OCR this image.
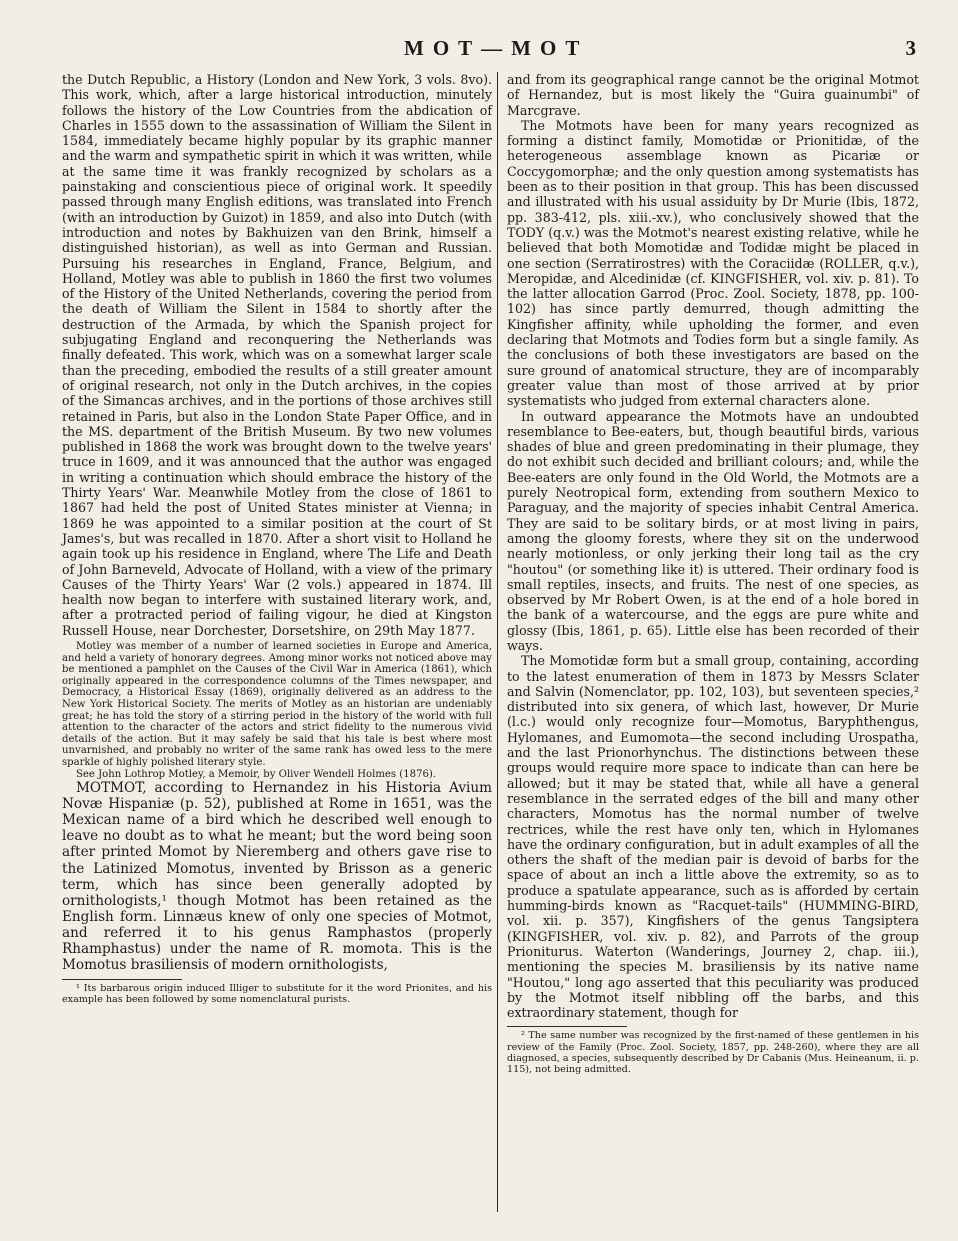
MOT—MOT	3

the Dutch Republic, a History (London and New York, 3 vols. 8vo). This work, which, after a large historical introduction, minutely follows the history of the Low Countries from the abdication of Charles in 1555 down to the assassination of William the Silent in 1584, immediately became highly popular by its graphic manner and the warm and sympathetic spirit in which it was written, while at the same time it was frankly recognized by scholars as a painstaking and conscientious piece of original work. It speedily passed through many English editions, was translated into French (with an introduction by Guizot) in 1859, and also into Dutch (with introduction and notes by Bakhuizen van den Brink, himself a distinguished historian), as well as into German and Russian. Pursuing his researches in England, France, Belgium, and Holland, Motley was able to publish in 1860 the first two volumes of the History of the United Netherlands, covering the period from the death of William the Silent in 1584 to shortly after the destruction of the Armada, by which the Spanish project for subjugating England and reconquering the Netherlands was finally defeated. This work, which was on a somewhat larger scale than the preceding, embodied the results of a still greater amount of original research, not only in the Dutch archives, in the copies of the Simancas archives, and in the portions of those archives still retained in Paris, but also in the London State Paper Office, and in the MS. department of the British Museum. By two new volumes published in 1868 the work was brought down to the twelve years' truce in 1609, and it was announced that the author was engaged in writing a continuation which should embrace the history of the Thirty Years' War. Meanwhile Motley from the close of 1861 to 1867 had held the post of United States minister at Vienna; in 1869 he was appointed to a similar position at the court of St James's, but was recalled in 1870. After a short visit to Holland he again took up his residence in England, where The Life and Death of John Barneveld, Advocate of Holland, with a view of the primary Causes of the Thirty Years' War (2 vols.) appeared in 1874. Ill health now began to interfere with sustained literary work, and, after a protracted period of failing vigour, he died at Kingston Russell House, near Dorchester, Dorsetshire, on 29th May 1877.

Motley was member of a number of learned societies in Europe and America, and held a variety of honorary degrees. Among minor works not noticed above may be mentioned a pamphlet on the Causes of the Civil War in America (1861), which originally appeared in the correspondence columns of the Times newspaper, and Democracy, a Historical Essay (1869), originally delivered as an address to the New York Historical Society. The merits of Motley as an historian are undeniably great; he has told the story of a stirring period in the history of the world with full attention to the character of the actors and strict fidelity to the numerous vivid details of the action. But it may safely be said that his tale is best where most unvarnished, and probably no writer of the same rank has owed less to the mere sparkle of highly polished literary style.

See John Lothrop Motley, a Memoir, by Oliver Wendell Holmes (1876).

MOTMOT, according to Hernandez in his Historia Avium Novæ Hispaniæ (p. 52), published at Rome in 1651, was the Mexican name of a bird which he described well enough to leave no doubt as to what he meant; but the word being soon after printed Momot by Nieremberg and others gave rise to the Latinized Momotus, invented by Brisson as a generic term, which has since been generally adopted by ornithologists,¹ though Motmot has been retained as the English form. Linnæus knew of only one species of Motmot, and referred it to his genus Ramphastos (properly Rhamphastus) under the name of R. momota. This is the Momotus brasiliensis of modern ornithologists,

¹ Its barbarous origin induced Illiger to substitute for it the word Prionites, and his example has been followed by some nomenclatural purists.

and from its geographical range cannot be the original Motmot of Hernandez, but is most likely the "Guira guainumbi" of Marcgrave.

The Motmots have been for many years recognized as forming a distinct family, Momotidæ or Prionitidæ, of the heterogeneous assemblage known as Picariæ or Coccygomorphæ; and the only question among systematists has been as to their position in that group. This has been discussed and illustrated with his usual assiduity by Dr Murie (Ibis, 1872, pp. 383-412, pls. xiii.-xv.), who conclusively showed that the TODY (q.v.) was the Motmot's nearest existing relative, while he believed that both Momotidæ and Todidæ might be placed in one section (Serratirostres) with the Coraciidæ (ROLLER, q.v.), Meropidæ, and Alcedinidæ (cf. KINGFISHER, vol. xiv. p. 81). To the latter allocation Garrod (Proc. Zool. Society, 1878, pp. 100-102) has since partly demurred, though admitting the Kingfisher affinity, while upholding the former, and even declaring that Motmots and Todies form but a single family. As the conclusions of both these investigators are based on the sure ground of anatomical structure, they are of incomparably greater value than most of those arrived at by prior systematists who judged from external characters alone.

In outward appearance the Motmots have an undoubted resemblance to Bee-eaters, but, though beautiful birds, various shades of blue and green predominating in their plumage, they do not exhibit such decided and brilliant colours; and, while the Bee-eaters are only found in the Old World, the Motmots are a purely Neotropical form, extending from southern Mexico to Paraguay, and the majority of species inhabit Central America. They are said to be solitary birds, or at most living in pairs, among the gloomy forests, where they sit on the underwood nearly motionless, or only jerking their long tail as the cry "houtou" (or something like it) is uttered. Their ordinary food is small reptiles, insects, and fruits. The nest of one species, as observed by Mr Robert Owen, is at the end of a hole bored in the bank of a watercourse, and the eggs are pure white and glossy (Ibis, 1861, p. 65). Little else has been recorded of their ways.

The Momotidæ form but a small group, containing, according to the latest enumeration of them in 1873 by Messrs Sclater and Salvin (Nomenclator, pp. 102, 103), but seventeen species,² distributed into six genera, of which last, however, Dr Murie (l.c.) would only recognize four—Momotus, Baryphthengus, Hylomanes, and Eumomota—the second including Urospatha, and the last Prionorhynchus. The distinctions between these groups would require more space to indicate than can here be allowed; but it may be stated that, while all have a general resemblance in the serrated edges of the bill and many other characters, Momotus has the normal number of twelve rectrices, while the rest have only ten, which in Hylomanes have the ordinary configuration, but in adult examples of all the others the shaft of the median pair is devoid of barbs for the space of about an inch a little above the extremity, so as to produce a spatulate appearance, such as is afforded by certain humming-birds known as "Racquet-tails" (HUMMING-BIRD, vol. xii. p. 357), Kingfishers of the genus Tangsiptera (KINGFISHER, vol. xiv. p. 82), and Parrots of the group Prioniturus. Waterton (Wanderings, Journey 2, chap. iii.), mentioning the species M. brasiliensis by its native name "Houtou," long ago asserted that this peculiarity was produced by the Motmot itself nibbling off the barbs, and this extraordinary statement, though for

² The same number was recognized by the first-named of these gentlemen in his review of the Family (Proc. Zool. Society, 1857, pp. 248-260), where they are all diagnosed, a species, subsequently described by Dr Cabanis (Mus. Heineanum, ii. p. 115), not being admitted.
